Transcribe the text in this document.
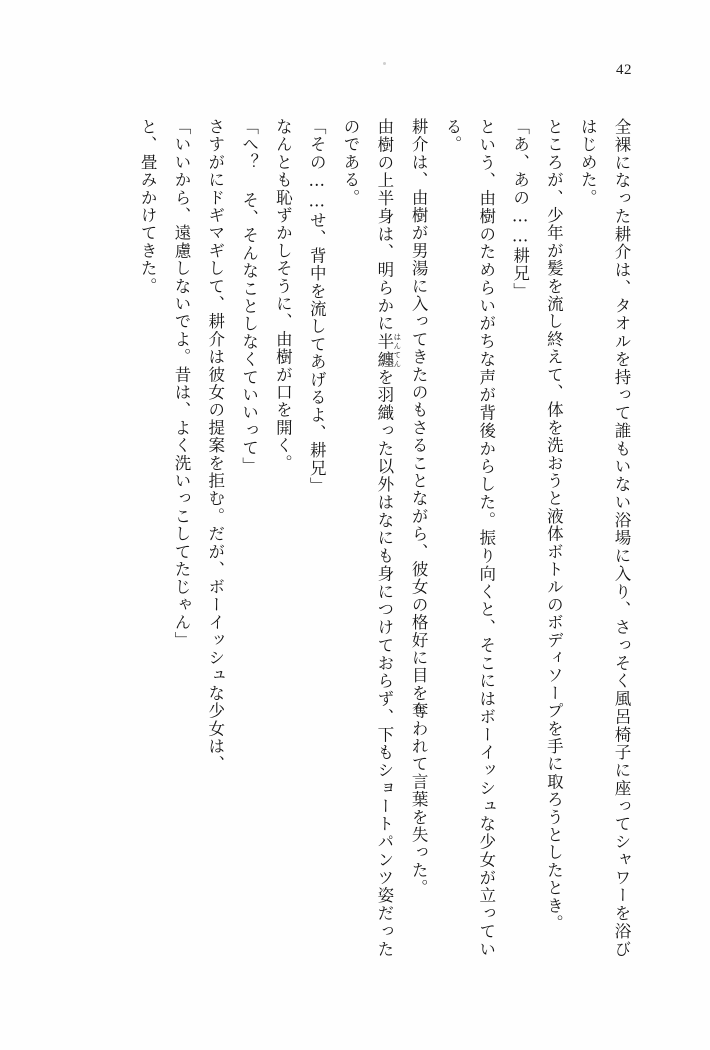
42

全裸になった耕介は、タオルを持って誰もいない浴場に入り、さっそく風呂椅子に座ってシャワーを浴びはじめた。

ところが、少年が髪を流し終えて、体を洗おうと液体ボトルのボディソープを手に取ろうとしたとき。

「あ、あの……耕兄」

という、由樹のためらいがちな声が背後からした。振り向くと、そこにはボーイッシュな少女が立っている。

耕介は、由樹が男湯に入ってきたのもさることながら、彼女の格好に目を奪われて言葉を失った。

由樹の上半身は、明らかに半纏 はんてんを羽織った以外はなにも身につけておらず、下もショートパンツ姿だったのである。

「その……せ、背中を流してあげるよ、耕兄」

なんとも恥ずかしそうに、由樹が口を開く。

「へ？ そ、そんなことしなくていいって」

さすがにドギマギして、耕介は彼女の提案を拒む。だが、ボーイッシュな少女は、

「いいから、遠慮しないでよ。昔は、よく洗いっこしてたじゃん」

と、畳みかけてきた。
